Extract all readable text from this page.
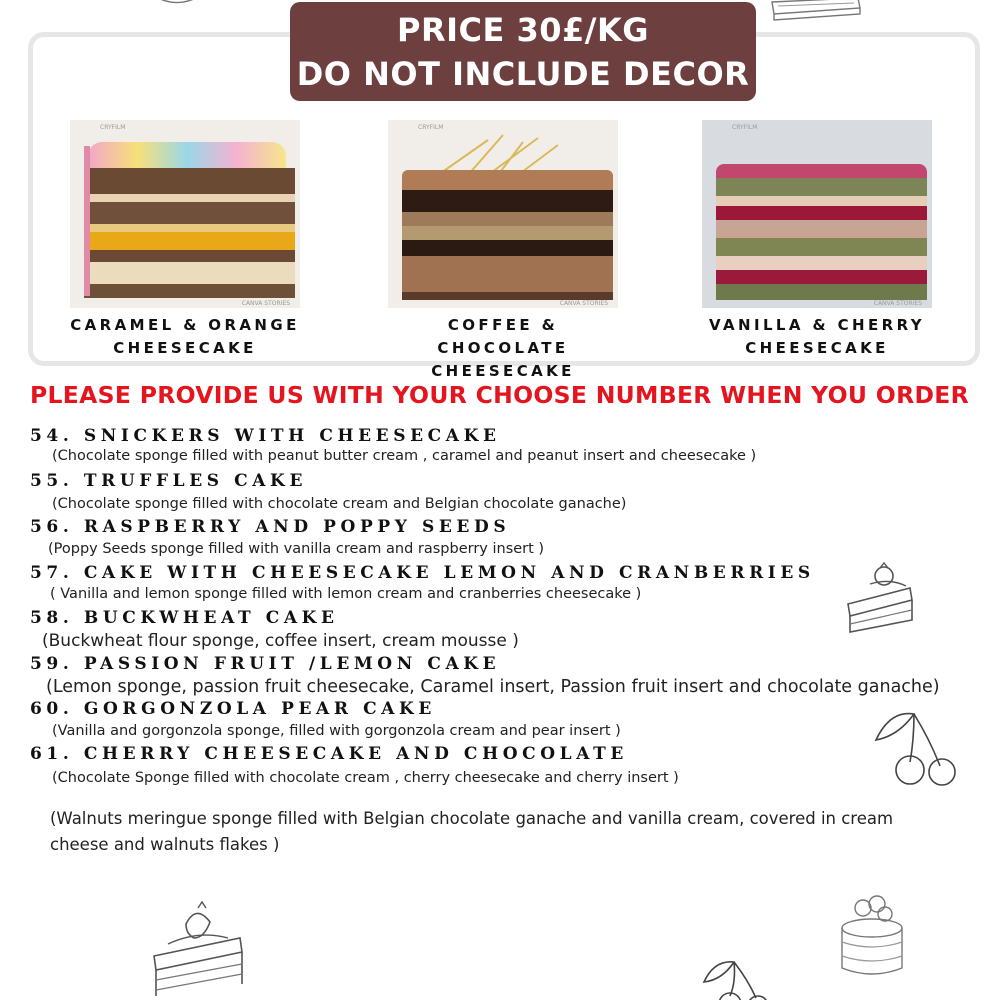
PRICE 30£/KG
DO NOT INCLUDE DECOR
CRYFILM
CANVA STORIES
CARAMEL & ORANGE
CHEESECAKE
CRYFILM
CANVA STORIES
COFFEE & CHOCOLATE
CHEESECAKE
CRYFILM
CANVA STORIES
VANILLA & CHERRY
CHEESECAKE
PLEASE PROVIDE US WITH YOUR CHOOSE NUMBER WHEN YOU ORDER
54. SNICKERS WITH CHEESECAKE
(Chocolate sponge filled with peanut butter cream , caramel and peanut insert and cheesecake )
55. TRUFFLES CAKE
(Chocolate sponge filled with chocolate cream and Belgian chocolate ganache)
56. RASPBERRY AND POPPY SEEDS
(Poppy Seeds sponge filled with vanilla cream and raspberry insert )
57. CAKE WITH CHEESECAKE LEMON AND CRANBERRIES
( Vanilla and lemon sponge filled with lemon cream and cranberries cheesecake )
58. BUCKWHEAT CAKE
(Buckwheat flour sponge, coffee insert, cream mousse )
59. PASSION FRUIT /LEMON CAKE
(Lemon sponge, passion fruit cheesecake, Caramel insert, Passion fruit insert and chocolate ganache)
60. GORGONZOLA PEAR CAKE
(Vanilla and gorgonzola sponge, filled with gorgonzola cream and pear insert )
61. CHERRY CHEESECAKE AND CHOCOLATE
(Chocolate Sponge filled with chocolate cream , cherry cheesecake and cherry insert )
(Walnuts meringue sponge filled with Belgian chocolate ganache and vanilla cream, covered in cream
cheese and walnuts flakes )
